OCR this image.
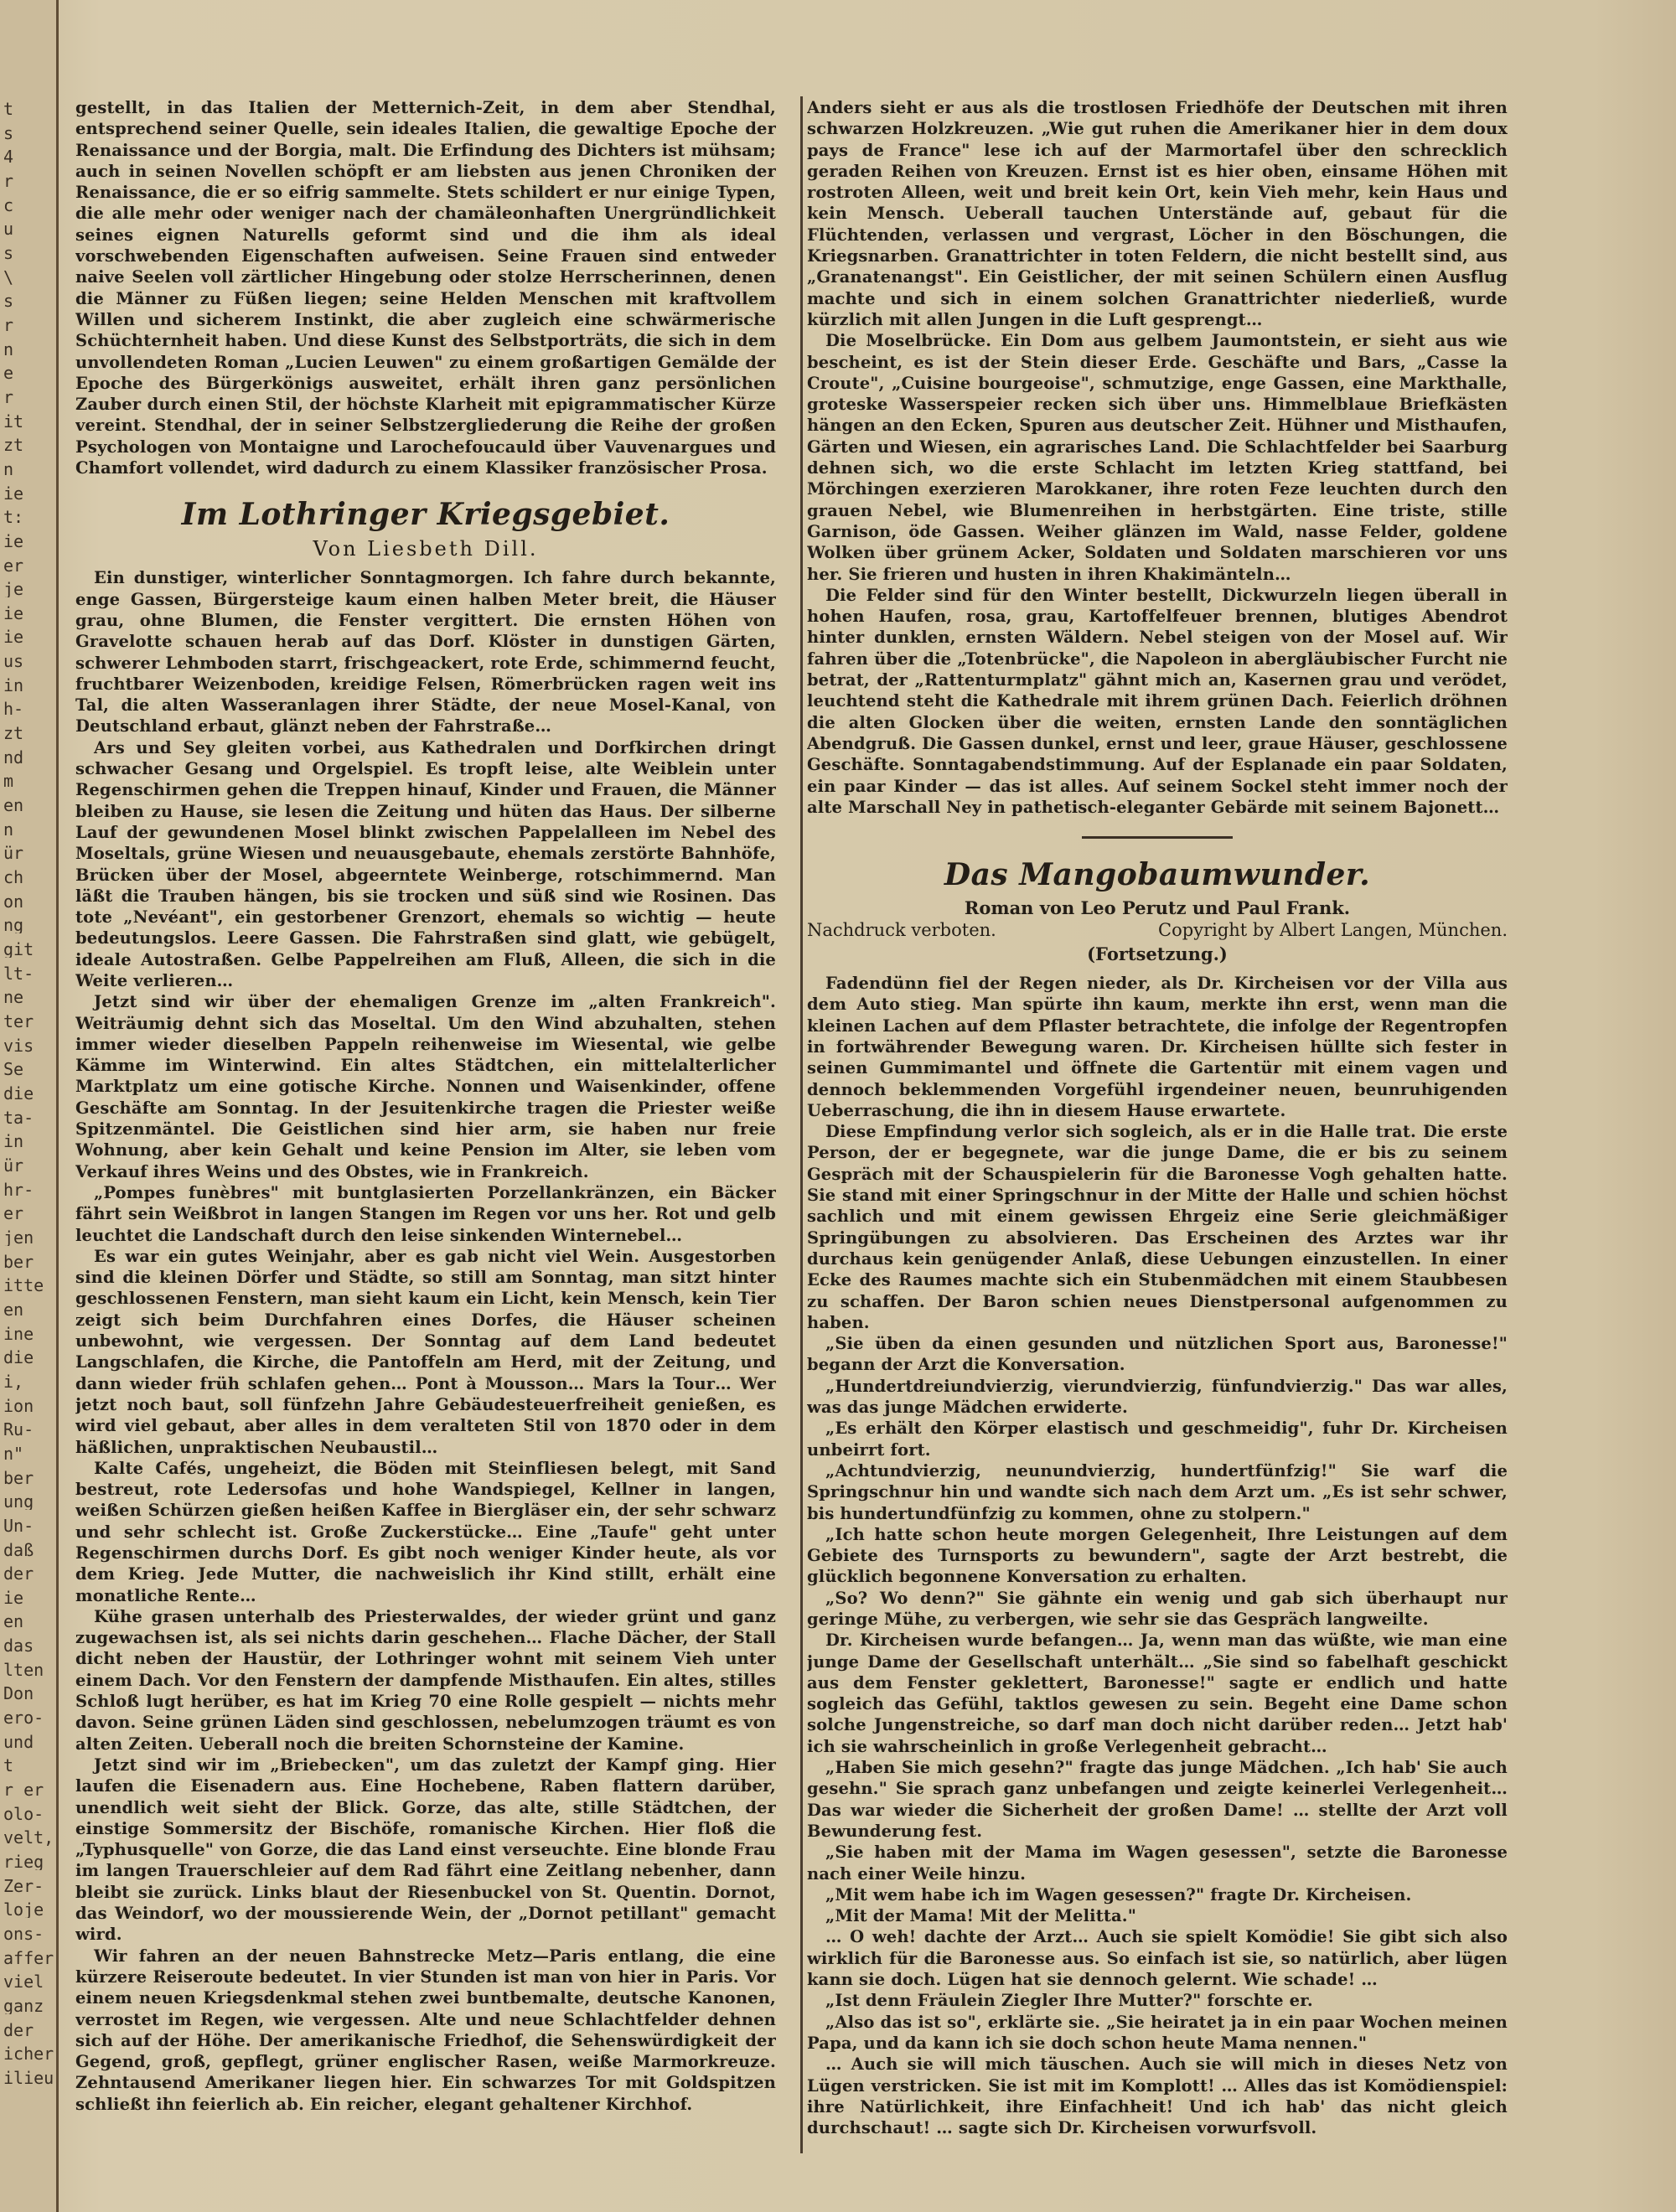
t
s
4
r
c
u
s
\
s
r
n
e
r
it
zt
n
ie
t:
ie
er
je
ie
ie
us
in
h-
zt
nd
m
en
n
ür
ch
on
ng
git
lt-
ne
ter
vis
Se
die
ta-
in
ür
hr-
er
jen
ber
itte
en
ine
die
i,
ion
Ru-
n"
ber
ung
Un-
daß
der
ie
en
das
lten
Don
ero-
und
t
r er
olo-
velt,
rieg
Zer-
loje
ons-
affer
viel
ganz
der
icher
ilieu

gestellt, in das Italien der Metternich-Zeit, in dem aber Stendhal, entsprechend seiner Quelle, sein ideales Italien, die gewaltige Epoche der Renaissance und der Borgia, malt. Die Erfindung des Dichters ist mühsam; auch in seinen Novellen schöpft er am liebsten aus jenen Chroniken der Renaissance, die er so eifrig sammelte. Stets schildert er nur einige Typen, die alle mehr oder weniger nach der chamäleonhaften Unergründlichkeit seines eignen Naturells geformt sind und die ihm als ideal vorschwebenden Eigenschaften aufweisen. Seine Frauen sind entweder naive Seelen voll zärtlicher Hingebung oder stolze Herrscherinnen, denen die Männer zu Füßen liegen; seine Helden Menschen mit kraftvollem Willen und sicherem Instinkt, die aber zugleich eine schwärmerische Schüchternheit haben. Und diese Kunst des Selbstporträts, die sich in dem unvollendeten Roman „Lucien Leuwen" zu einem großartigen Gemälde der Epoche des Bürgerkönigs ausweitet, erhält ihren ganz persönlichen Zauber durch einen Stil, der höchste Klarheit mit epigrammatischer Kürze vereint. Stendhal, der in seiner Selbstzergliederung die Reihe der großen Psychologen von Montaigne und Larochefoucauld über Vauvenargues und Chamfort vollendet, wird dadurch zu einem Klassiker französischer Prosa.

Im Lothringer Kriegsgebiet.
Von Liesbeth Dill.

Ein dunstiger, winterlicher Sonntagmorgen. Ich fahre durch bekannte, enge Gassen, Bürgersteige kaum einen halben Meter breit, die Häuser grau, ohne Blumen, die Fenster vergittert. Die ernsten Höhen von Gravelotte schauen herab auf das Dorf. Klöster in dunstigen Gärten, schwerer Lehmboden starrt, frischgeackert, rote Erde, schimmernd feucht, fruchtbarer Weizenboden, kreidige Felsen, Römerbrücken ragen weit ins Tal, die alten Wasseranlagen ihrer Städte, der neue Mosel-Kanal, von Deutschland erbaut, glänzt neben der Fahrstraße…

Ars und Sey gleiten vorbei, aus Kathedralen und Dorfkirchen dringt schwacher Gesang und Orgelspiel. Es tropft leise, alte Weiblein unter Regenschirmen gehen die Treppen hinauf, Kinder und Frauen, die Männer bleiben zu Hause, sie lesen die Zeitung und hüten das Haus. Der silberne Lauf der gewundenen Mosel blinkt zwischen Pappelalleen im Nebel des Moseltals, grüne Wiesen und neuausgebaute, ehemals zerstörte Bahnhöfe, Brücken über der Mosel, abgeerntete Weinberge, rotschimmernd. Man läßt die Trauben hängen, bis sie trocken und süß sind wie Rosinen. Das tote „Nevéant", ein gestorbener Grenzort, ehemals so wichtig — heute bedeutungslos. Leere Gassen. Die Fahrstraßen sind glatt, wie gebügelt, ideale Autostraßen. Gelbe Pappelreihen am Fluß, Alleen, die sich in die Weite verlieren…

Jetzt sind wir über der ehemaligen Grenze im „alten Frankreich". Weiträumig dehnt sich das Moseltal. Um den Wind abzuhalten, stehen immer wieder dieselben Pappeln reihenweise im Wiesental, wie gelbe Kämme im Winterwind. Ein altes Städtchen, ein mittelalterlicher Marktplatz um eine gotische Kirche. Nonnen und Waisenkinder, offene Geschäfte am Sonntag. In der Jesuitenkirche tragen die Priester weiße Spitzenmäntel. Die Geistlichen sind hier arm, sie haben nur freie Wohnung, aber kein Gehalt und keine Pension im Alter, sie leben vom Verkauf ihres Weins und des Obstes, wie in Frankreich.

„Pompes funèbres" mit buntglasierten Porzellankränzen, ein Bäcker fährt sein Weißbrot in langen Stangen im Regen vor uns her. Rot und gelb leuchtet die Landschaft durch den leise sinkenden Winternebel…

Es war ein gutes Weinjahr, aber es gab nicht viel Wein. Ausgestorben sind die kleinen Dörfer und Städte, so still am Sonntag, man sitzt hinter geschlossenen Fenstern, man sieht kaum ein Licht, kein Mensch, kein Tier zeigt sich beim Durchfahren eines Dorfes, die Häuser scheinen unbewohnt, wie vergessen. Der Sonntag auf dem Land bedeutet Langschlafen, die Kirche, die Pantoffeln am Herd, mit der Zeitung, und dann wieder früh schlafen gehen… Pont à Mousson… Mars la Tour… Wer jetzt noch baut, soll fünfzehn Jahre Gebäudesteuerfreiheit genießen, es wird viel gebaut, aber alles in dem veralteten Stil von 1870 oder in dem häßlichen, unpraktischen Neubaustil…

Kalte Cafés, ungeheizt, die Böden mit Steinfliesen belegt, mit Sand bestreut, rote Ledersofas und hohe Wandspiegel, Kellner in langen, weißen Schürzen gießen heißen Kaffee in Biergläser ein, der sehr schwarz und sehr schlecht ist. Große Zuckerstücke… Eine „Taufe" geht unter Regenschirmen durchs Dorf. Es gibt noch weniger Kinder heute, als vor dem Krieg. Jede Mutter, die nachweislich ihr Kind stillt, erhält eine monatliche Rente…

Kühe grasen unterhalb des Priesterwaldes, der wieder grünt und ganz zugewachsen ist, als sei nichts darin geschehen… Flache Dächer, der Stall dicht neben der Haustür, der Lothringer wohnt mit seinem Vieh unter einem Dach. Vor den Fenstern der dampfende Misthaufen. Ein altes, stilles Schloß lugt herüber, es hat im Krieg 70 eine Rolle gespielt — nichts mehr davon. Seine grünen Läden sind geschlossen, nebelumzogen träumt es von alten Zeiten. Ueberall noch die breiten Schornsteine der Kamine.

Jetzt sind wir im „Briebecken", um das zuletzt der Kampf ging. Hier laufen die Eisenadern aus. Eine Hochebene, Raben flattern darüber, unendlich weit sieht der Blick. Gorze, das alte, stille Städtchen, der einstige Sommersitz der Bischöfe, romanische Kirchen. Hier floß die „Typhusquelle" von Gorze, die das Land einst verseuchte. Eine blonde Frau im langen Trauerschleier auf dem Rad fährt eine Zeitlang nebenher, dann bleibt sie zurück. Links blaut der Riesenbuckel von St. Quentin. Dornot, das Weindorf, wo der moussierende Wein, der „Dornot petillant" gemacht wird.

Wir fahren an der neuen Bahnstrecke Metz—Paris entlang, die eine kürzere Reiseroute bedeutet. In vier Stunden ist man von hier in Paris. Vor einem neuen Kriegsdenkmal stehen zwei buntbemalte, deutsche Kanonen, verrostet im Regen, wie vergessen. Alte und neue Schlachtfelder dehnen sich auf der Höhe. Der amerikanische Friedhof, die Sehenswürdigkeit der Gegend, groß, gepflegt, grüner englischer Rasen, weiße Marmorkreuze. Zehntausend Amerikaner liegen hier. Ein schwarzes Tor mit Goldspitzen schließt ihn feierlich ab. Ein reicher, elegant gehaltener Kirchhof.

Anders sieht er aus als die trostlosen Friedhöfe der Deutschen mit ihren schwarzen Holzkreuzen. „Wie gut ruhen die Amerikaner hier in dem doux pays de France" lese ich auf der Marmortafel über den schrecklich geraden Reihen von Kreuzen. Ernst ist es hier oben, einsame Höhen mit rostroten Alleen, weit und breit kein Ort, kein Vieh mehr, kein Haus und kein Mensch. Ueberall tauchen Unterstände auf, gebaut für die Flüchtenden, verlassen und vergrast, Löcher in den Böschungen, die Kriegsnarben. Granattrichter in toten Feldern, die nicht bestellt sind, aus „Granatenangst". Ein Geistlicher, der mit seinen Schülern einen Ausflug machte und sich in einem solchen Granattrichter niederließ, wurde kürzlich mit allen Jungen in die Luft gesprengt…

Die Moselbrücke. Ein Dom aus gelbem Jaumontstein, er sieht aus wie bescheint, es ist der Stein dieser Erde. Geschäfte und Bars, „Casse la Croute", „Cuisine bourgeoise", schmutzige, enge Gassen, eine Markthalle, groteske Wasserspeier recken sich über uns. Himmelblaue Briefkästen hängen an den Ecken, Spuren aus deutscher Zeit. Hühner und Misthaufen, Gärten und Wiesen, ein agrarisches Land. Die Schlachtfelder bei Saarburg dehnen sich, wo die erste Schlacht im letzten Krieg stattfand, bei Mörchingen exerzieren Marokkaner, ihre roten Feze leuchten durch den grauen Nebel, wie Blumenreihen in herbstgärten. Eine triste, stille Garnison, öde Gassen. Weiher glänzen im Wald, nasse Felder, goldene Wolken über grünem Acker, Soldaten und Soldaten marschieren vor uns her. Sie frieren und husten in ihren Khakimänteln…

Die Felder sind für den Winter bestellt, Dickwurzeln liegen überall in hohen Haufen, rosa, grau, Kartoffelfeuer brennen, blutiges Abendrot hinter dunklen, ernsten Wäldern. Nebel steigen von der Mosel auf. Wir fahren über die „Totenbrücke", die Napoleon in abergläubischer Furcht nie betrat, der „Rattenturmplatz" gähnt mich an, Kasernen grau und verödet, leuchtend steht die Kathedrale mit ihrem grünen Dach. Feierlich dröhnen die alten Glocken über die weiten, ernsten Lande den sonntäglichen Abendgruß. Die Gassen dunkel, ernst und leer, graue Häuser, geschlossene Geschäfte. Sonntagabendstimmung. Auf der Esplanade ein paar Soldaten, ein paar Kinder — das ist alles. Auf seinem Sockel steht immer noch der alte Marschall Ney in pathetisch-eleganter Gebärde mit seinem Bajonett…

Das Mangobaumwunder.
Roman von Leo Perutz und Paul Frank.
Nachdruck verboten.	Copyright by Albert Langen, München.
(Fortsetzung.)

Fadendünn fiel der Regen nieder, als Dr. Kircheisen vor der Villa aus dem Auto stieg. Man spürte ihn kaum, merkte ihn erst, wenn man die kleinen Lachen auf dem Pflaster betrachtete, die infolge der Regentropfen in fortwährender Bewegung waren. Dr. Kircheisen hüllte sich fester in seinen Gummimantel und öffnete die Gartentür mit einem vagen und dennoch beklemmenden Vorgefühl irgendeiner neuen, beunruhigenden Ueberraschung, die ihn in diesem Hause erwartete.

Diese Empfindung verlor sich sogleich, als er in die Halle trat. Die erste Person, der er begegnete, war die junge Dame, die er bis zu seinem Gespräch mit der Schauspielerin für die Baronesse Vogh gehalten hatte. Sie stand mit einer Springschnur in der Mitte der Halle und schien höchst sachlich und mit einem gewissen Ehrgeiz eine Serie gleichmäßiger Springübungen zu absolvieren. Das Erscheinen des Arztes war ihr durchaus kein genügender Anlaß, diese Uebungen einzustellen. In einer Ecke des Raumes machte sich ein Stubenmädchen mit einem Staubbesen zu schaffen. Der Baron schien neues Dienstpersonal aufgenommen zu haben.

„Sie üben da einen gesunden und nützlichen Sport aus, Baronesse!" begann der Arzt die Konversation.

„Hundertdreiundvierzig, vierundvierzig, fünfundvierzig." Das war alles, was das junge Mädchen erwiderte.

„Es erhält den Körper elastisch und geschmeidig", fuhr Dr. Kircheisen unbeirrt fort.

„Achtundvierzig, neunundvierzig, hundertfünfzig!" Sie warf die Springschnur hin und wandte sich nach dem Arzt um. „Es ist sehr schwer, bis hundertundfünfzig zu kommen, ohne zu stolpern."

„Ich hatte schon heute morgen Gelegenheit, Ihre Leistungen auf dem Gebiete des Turnsports zu bewundern", sagte der Arzt bestrebt, die glücklich begonnene Konversation zu erhalten.

„So? Wo denn?" Sie gähnte ein wenig und gab sich überhaupt nur geringe Mühe, zu verbergen, wie sehr sie das Gespräch langweilte.

Dr. Kircheisen wurde befangen… Ja, wenn man das wüßte, wie man eine junge Dame der Gesellschaft unterhält… „Sie sind so fabelhaft geschickt aus dem Fenster geklettert, Baronesse!" sagte er endlich und hatte sogleich das Gefühl, taktlos gewesen zu sein. Begeht eine Dame schon solche Jungenstreiche, so darf man doch nicht darüber reden… Jetzt hab' ich sie wahrscheinlich in große Verlegenheit gebracht…

„Haben Sie mich gesehn?" fragte das junge Mädchen. „Ich hab' Sie auch gesehn." Sie sprach ganz unbefangen und zeigte keinerlei Verlegenheit… Das war wieder die Sicherheit der großen Dame! … stellte der Arzt voll Bewunderung fest.

„Sie haben mit der Mama im Wagen gesessen", setzte die Baronesse nach einer Weile hinzu.

„Mit wem habe ich im Wagen gesessen?" fragte Dr. Kircheisen.

„Mit der Mama! Mit der Melitta."

… O weh! dachte der Arzt… Auch sie spielt Komödie! Sie gibt sich also wirklich für die Baronesse aus. So einfach ist sie, so natürlich, aber lügen kann sie doch. Lügen hat sie dennoch gelernt. Wie schade! …

„Ist denn Fräulein Ziegler Ihre Mutter?" forschte er.

„Also das ist so", erklärte sie. „Sie heiratet ja in ein paar Wochen meinen Papa, und da kann ich sie doch schon heute Mama nennen."

… Auch sie will mich täuschen. Auch sie will mich in dieses Netz von Lügen verstricken. Sie ist mit im Komplott! … Alles das ist Komödienspiel: ihre Natürlichkeit, ihre Einfachheit! Und ich hab' das nicht gleich durchschaut! … sagte sich Dr. Kircheisen vorwurfsvoll.
